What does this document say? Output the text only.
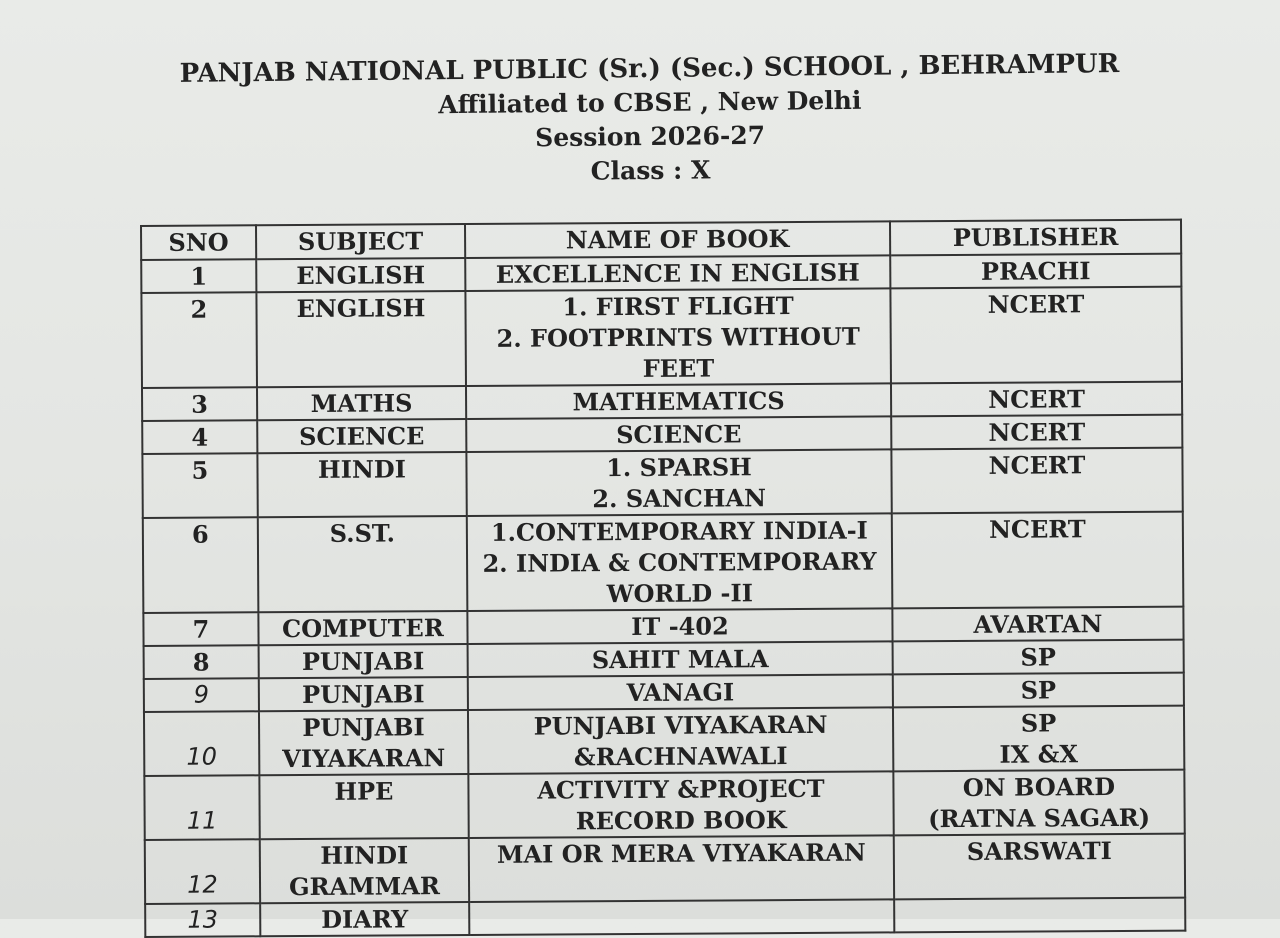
PANJAB NATIONAL PUBLIC (Sr.) (Sec.) SCHOOL , BEHRAMPUR
Affiliated to CBSE , New Delhi
Session 2026-27
Class : X
SNO	SUBJECT	NAME OF BOOK	PUBLISHER
1	ENGLISH	EXCELLENCE IN ENGLISH	PRACHI

2	ENGLISH	1. FIRST FLIGHT
2. FOOTPRINTS WITHOUT
FEET	NCERT

3	MATHS	MATHEMATICS	NCERT

4	SCIENCE	SCIENCE	NCERT

5	HINDI	1. SPARSH
2. SANCHAN	NCERT

6	S.ST.	1.CONTEMPORARY INDIA-I
2. INDIA & CONTEMPORARY
WORLD -II	NCERT

7	COMPUTER	IT -402	AVARTAN

8	PUNJABI	SAHIT MALA	SP

9	PUNJABI	VANAGI	SP

10	PUNJABI
VIYAKARAN	PUNJABI VIYAKARAN
&RACHNAWALI	SP
IX &X

11	HPE	ACTIVITY &PROJECT
RECORD BOOK	ON BOARD
(RATNA SAGAR)

12	HINDI
GRAMMAR	MAI OR MERA VIYAKARAN	SARSWATI

13	DIARY		
